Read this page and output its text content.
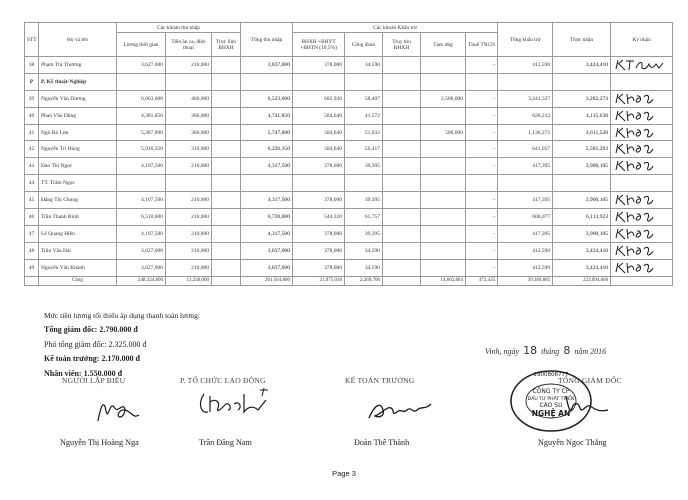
STT	Họ và tên	Các khoản thu nhập			Tổng thu nhập	Các khoản Khấu trừ					Tổng khấu trừ	Thực nhận	Ký nhận
		Lương thời gian	Tiền ăn ca, điện thoại	Truy lĩnh BHXH		BHXH +BHYT +BHTN (10,5%)	Công đoàn	Truy thu BHXH	Tạm ứng	Thuế TNCN			
38	Phạm Thị Thương	3,627,000	210,000		3,837,000	378,000	34,590			-	412,590	3,424,410	

P	P. Kỹ thuật-Nghiệp												
39	Nguyễn Văn Dương	6,063,600	460,000		6,523,600	682,920	58,407		2,500,000	-	3,241,327	3,282,273	

40	Phan Văn Dũng	4,381,850	360,000		4,741,850	584,640	41,572			-	626,212	4,115,638	

41	Ngô Bá Lưu	5,387,800	360,000		5,747,800	584,640	51,632		500,000	-	1,136,272	4,611,528	

42	Nguyễn Trí Hùng	5,916,350	310,000		6,226,350	584,640	56,417			-	641,057	5,585,293	

43	Đào Thị Ngọc	4,107,500	210,000		4,317,500	378,000	39,395			-	417,395	3,900,105	

44	TT. Trâm Ngọc												
45	Đặng Thị Chung	4,107,500	210,000		4,317,500	378,000	39,395			-	417,395	3,900,105	

46	Trần Thanh Bình	6,510,000	210,000		6,720,000	544,320	61,757			-	606,077	6,113,923	

47	Lê Quang Hiền	4,107,500	210,000		4,317,500	378,000	39,395			-	417,395	3,900,105	

48	Trần Văn Hải	3,627,000	210,000		3,837,000	378,000	34,590			-	412,590	3,424,410	

49	Nguyễn Văn Khánh	3,627,000	210,000		3,837,000	378,000	34,590			-	412,590	3,424,410	

	Cộng	248,324,800	13,240,000		261,564,800	21,975,030	2,269,706		14,662,884	472,435	39,389,885	222,094,666	
Mức tiền lương tối thiểu áp dụng thanh toán lương:
Tổng giám đốc: 2.790.000 đ
Phó tổng giám đốc: 2.325.000 đ
Kế toán trưởng: 2.170.000 đ
Nhân viên: 1.550.000 đ
Vinh, ngày 18 tháng 8 năm 2016
NGƯỜI LẬP BIỂU	P. TỔ CHỨC LAO ĐỘNG	KẾ TOÁN TRƯỞNG	TỔNG GIÁM ĐỐC
CÔNG TY CP
ĐẦU TƯ PHÁT TRIỂN
CAO SU
NGHỆ AN
2900806777
Nguyễn Thị Hoàng Nga	Trần Đăng Nam	Đoàn Thế Thành	Nguyễn Ngọc Thắng
Page 3
